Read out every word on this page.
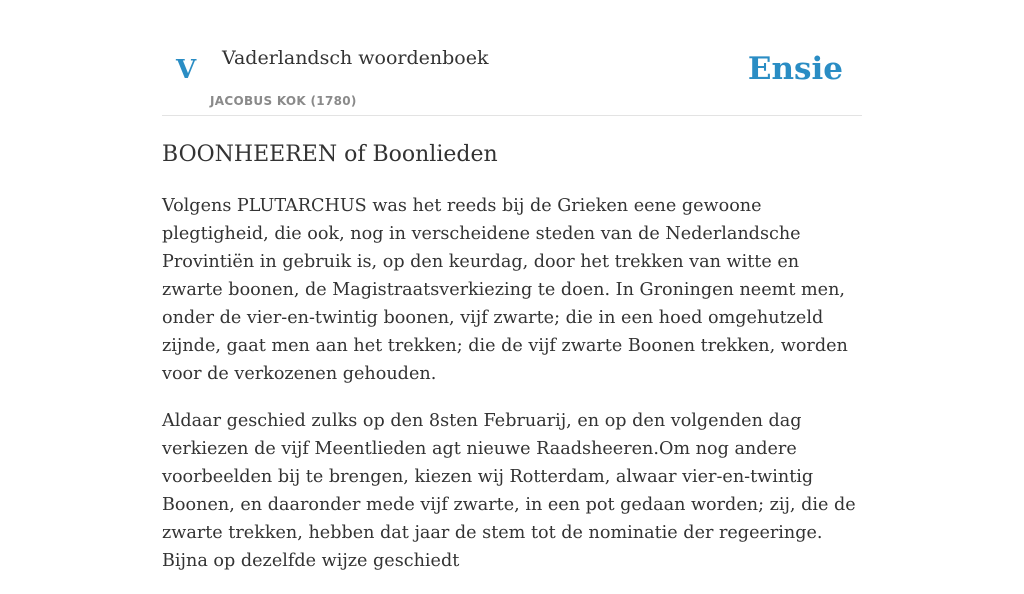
V Vaderlandsch woordenboek
JACOBUS KOK (1780)
Ensie
BOONHEEREN of Boonlieden

Volgens PLUTARCHUS was het reeds bij de Grieken eene gewoone plegtigheid, die ook, nog in verscheidene steden van de Nederlandsche Provintiën in gebruik is, op den keurdag, door het trekken van witte en zwarte boonen, de Magistraatsverkiezing te doen. In Groningen neemt men, onder de vier-en-twintig boonen, vijf zwarte; die in een hoed omgehutzeld zijnde, gaat men aan het trekken; die de vijf zwarte Boonen trekken, worden voor de verkozenen gehouden.

Aldaar geschied zulks op den 8sten Februarij, en op den volgenden dag verkiezen de vijf Meentlieden agt nieuwe Raadsheeren.Om nog andere voorbeelden bij te brengen, kiezen wij Rotterdam, alwaar vier-en-twintig Boonen, en daaronder mede vijf zwarte, in een pot gedaan worden; zij, die de zwarte trekken, hebben dat jaar de stem tot de nominatie der regeeringe. Bijna op dezelfde wijze geschiedt
